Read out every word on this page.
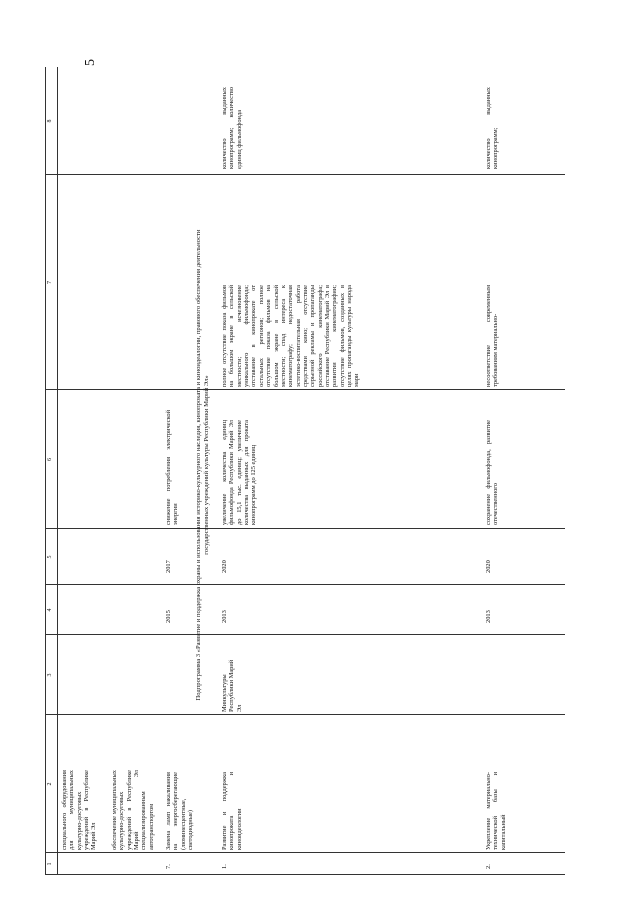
5
1
2
3
4
5
6
7
8
специального оборудования для муниципальных культурно-досуговых учреждений в Республике Марий Эл обеспечение муниципальных культурно-досуговых учреждений в Республике Марий Эл специализированным автотранспортом
7.
Замена ламп накаливания на энергосберегающие (люминесцентные, светодиодные)
2015
2017
снижение потребления электрической энергии Подпрограмма 3 «Развитие и поддержка охраны и использования историко-культурного наследия, кинопроката и киноидеалогии, правового обеспечения деятельности государственных учреждений культуры Республики Марий Эл»
1.
Развитие и поддержка кинопроката и киноидеологии
Минкультуры Республики Марий Эл
2013
2020
увеличение количества единиц фильмофонда Республики Марий Эл до 15,1 тыс. единиц; увеличение количества выданных для проката кинопрограмм до 125 единиц
полное отсутствие показа фильмов на большом экране в сельской местности; исчезновение уникального фильмофонда; отставание в кинопрокате от остальных регионов; полное отсутствие показа фильмов на большом экране в сельской местности; спад интереса к кинематографу; недостаточная эстетико-воспитательная работа средствами кино; отсутствие серьезной рекламы и пропаганды российского кинематографа; отставание Республики Марий Эл в развитии кинематографии; отсутствие фильмов, созданных в целях пропаганды культуры народа мари
количество выданных кинопрограмм; количество единиц фильмофонда
2.
Укрепление материально-технической базы и капитальный
2013
2020
сохранение фильмофонда, развитие отечественного
несоответствие современным требованиям материально-
количество выданных кинопрограмм;
